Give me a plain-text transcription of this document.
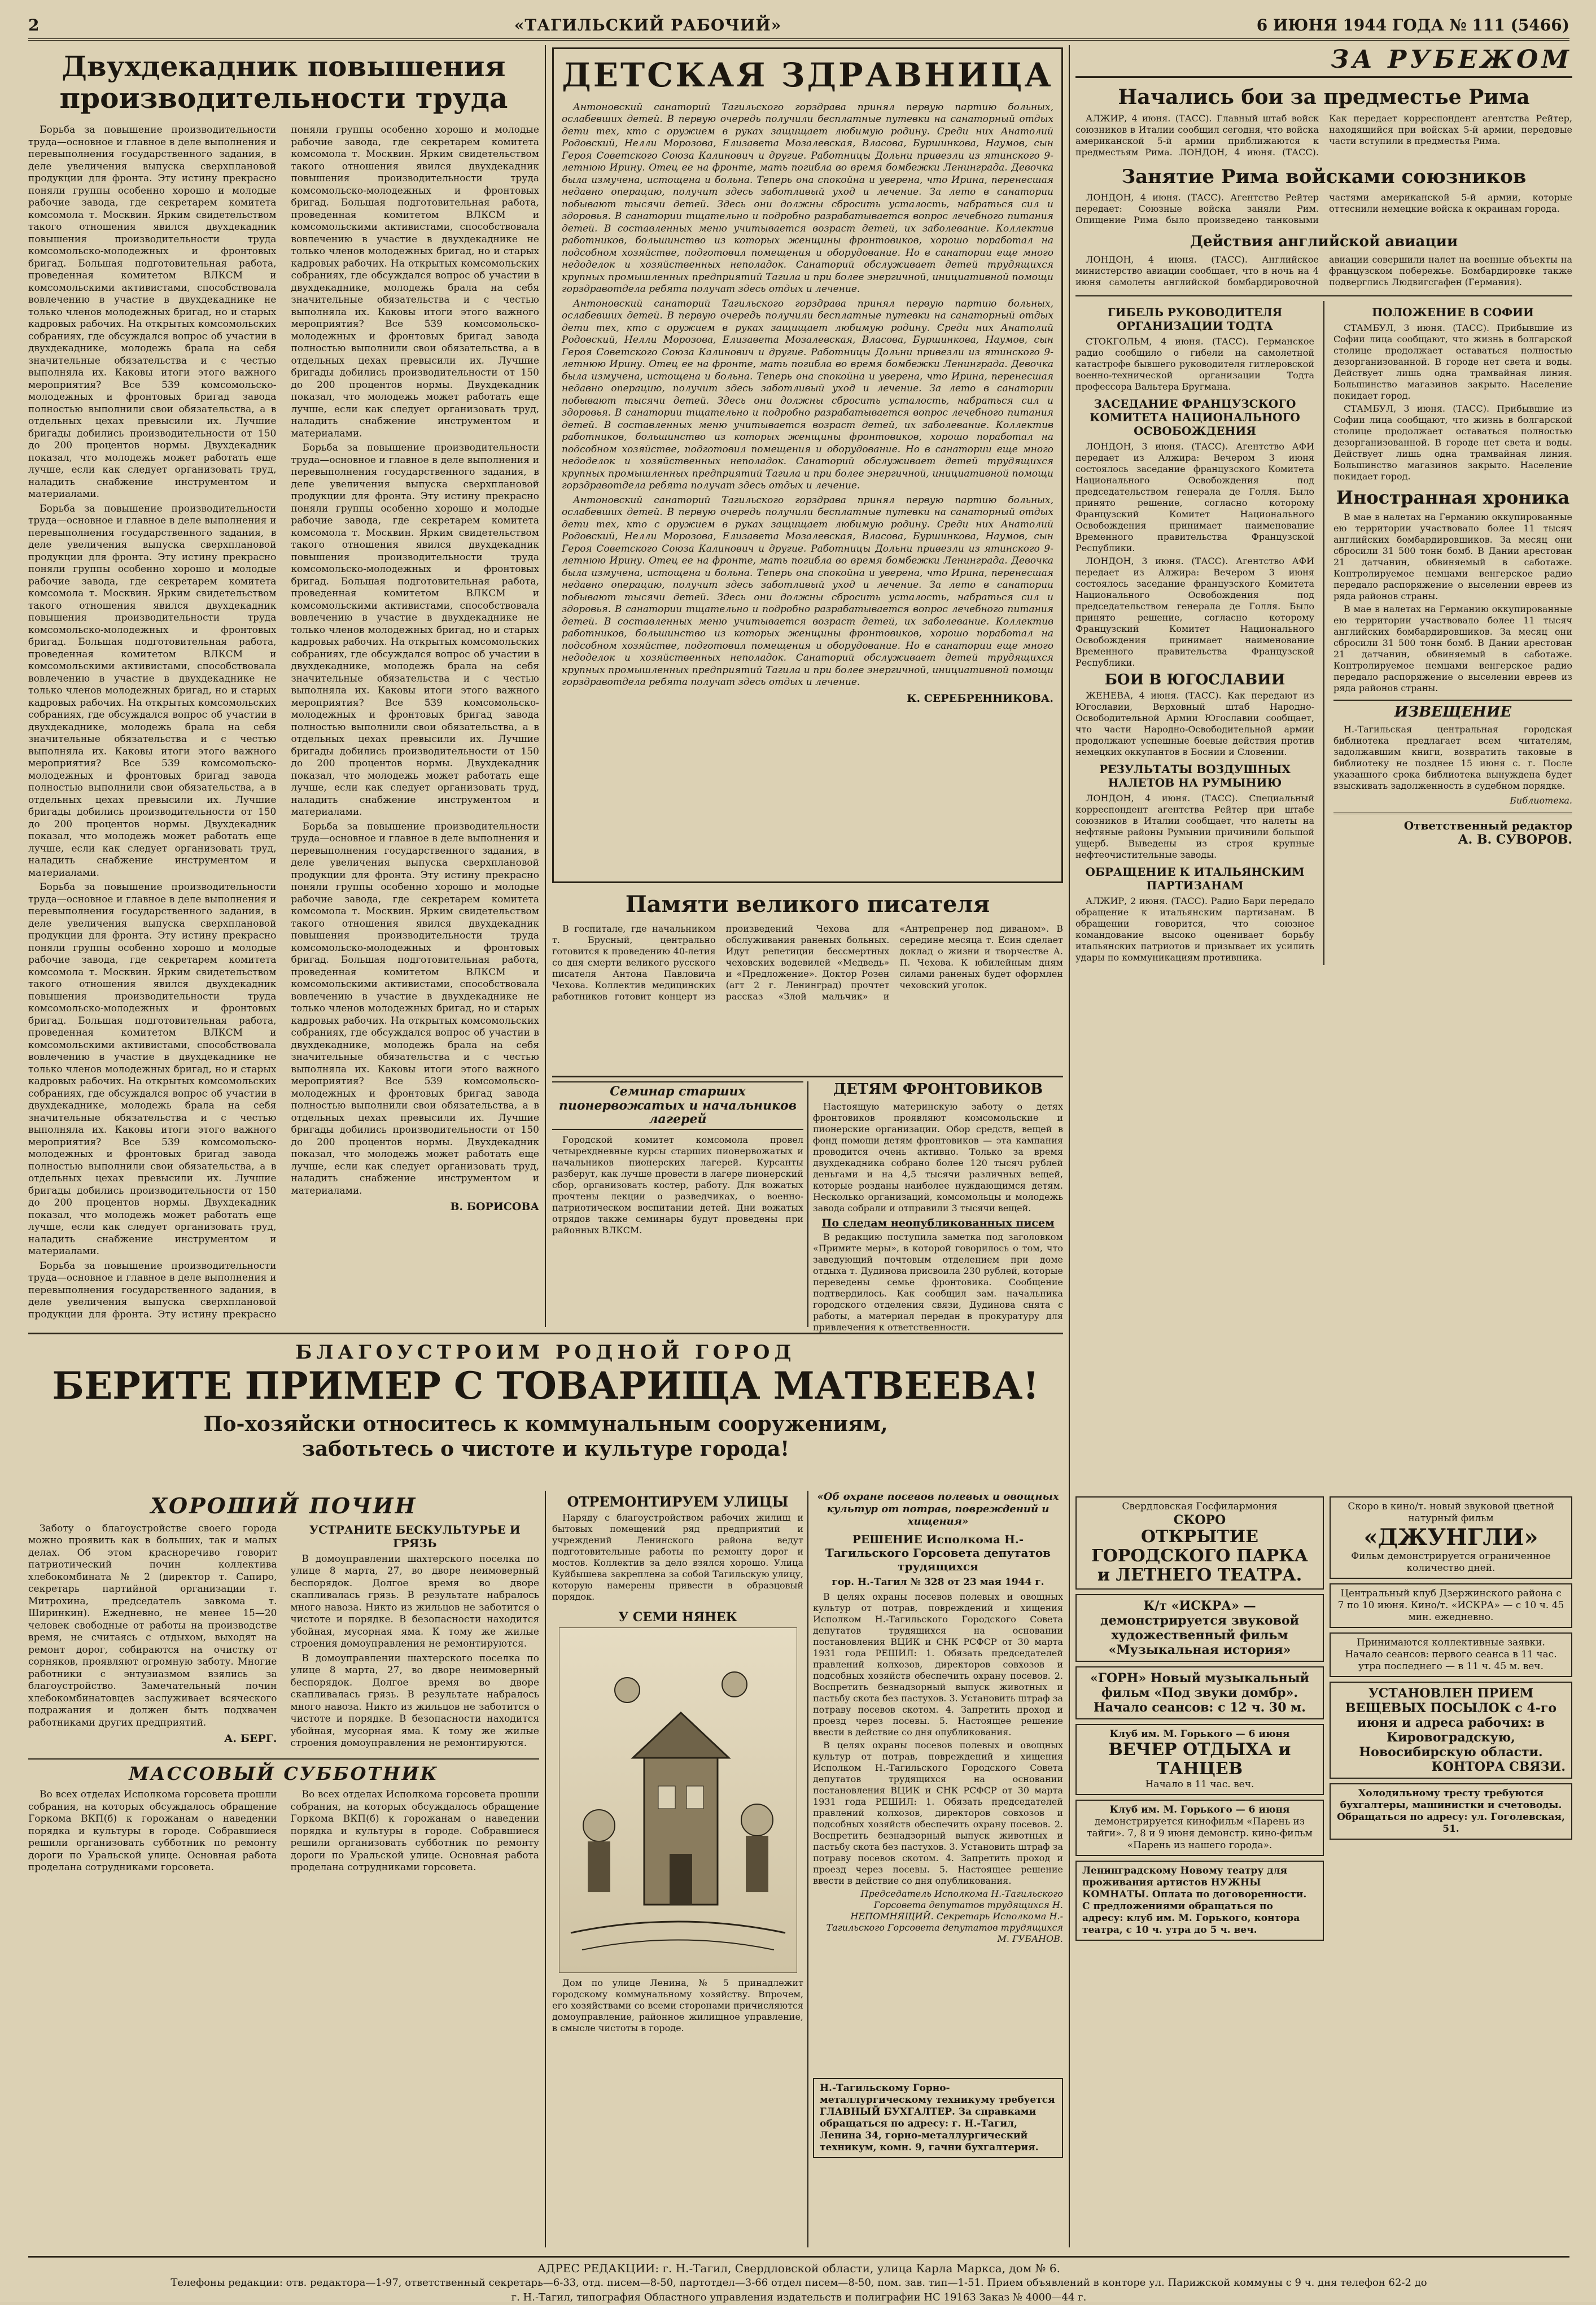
2	«ТАГИЛЬСКИЙ РАБОЧИЙ»	6 ИЮНЯ 1944 ГОДА № 111 (5466)
Двухдекадник повышения производительности труда

Борьба за повышение производительности труда—основное и главное в деле выполнения и перевыполнения государственного задания, в деле увеличения выпуска сверхплановой продукции для фронта. Эту истину прекрасно поняли группы особенно хорошо и молодые рабочие завода, где секретарем комитета комсомола т. Москвин. Ярким свидетельством такого отношения явился двухдекадник повышения производительности труда комсомольско-молодежных и фронтовых бригад. Большая подготовительная работа, проведенная комитетом ВЛКСМ и комсомольскими активистами, способствовала вовлечению в участие в двухдекаднике не только членов молодежных бригад, но и старых кадровых рабочих. На открытых комсомольских собраниях, где обсуждался вопрос об участии в двухдекаднике, молодежь брала на себя значительные обязательства и с честью выполняла их. Каковы итоги этого важного мероприятия? Все 539 комсомольско-молодежных и фронтовых бригад завода полностью выполнили свои обязательства, а в отдельных цехах превысили их. Лучшие бригады добились производительности от 150 до 200 процентов нормы. Двухдекадник показал, что молодежь может работать еще лучше, если как следует организовать труд, наладить снабжение инструментом и материалами.

Борьба за повышение производительности труда—основное и главное в деле выполнения и перевыполнения государственного задания, в деле увеличения выпуска сверхплановой продукции для фронта. Эту истину прекрасно поняли группы особенно хорошо и молодые рабочие завода, где секретарем комитета комсомола т. Москвин. Ярким свидетельством такого отношения явился двухдекадник повышения производительности труда комсомольско-молодежных и фронтовых бригад. Большая подготовительная работа, проведенная комитетом ВЛКСМ и комсомольскими активистами, способствовала вовлечению в участие в двухдекаднике не только членов молодежных бригад, но и старых кадровых рабочих. На открытых комсомольских собраниях, где обсуждался вопрос об участии в двухдекаднике, молодежь брала на себя значительные обязательства и с честью выполняла их. Каковы итоги этого важного мероприятия? Все 539 комсомольско-молодежных и фронтовых бригад завода полностью выполнили свои обязательства, а в отдельных цехах превысили их. Лучшие бригады добились производительности от 150 до 200 процентов нормы. Двухдекадник показал, что молодежь может работать еще лучше, если как следует организовать труд, наладить снабжение инструментом и материалами.

Борьба за повышение производительности труда—основное и главное в деле выполнения и перевыполнения государственного задания, в деле увеличения выпуска сверхплановой продукции для фронта. Эту истину прекрасно поняли группы особенно хорошо и молодые рабочие завода, где секретарем комитета комсомола т. Москвин. Ярким свидетельством такого отношения явился двухдекадник повышения производительности труда комсомольско-молодежных и фронтовых бригад. Большая подготовительная работа, проведенная комитетом ВЛКСМ и комсомольскими активистами, способствовала вовлечению в участие в двухдекаднике не только членов молодежных бригад, но и старых кадровых рабочих. На открытых комсомольских собраниях, где обсуждался вопрос об участии в двухдекаднике, молодежь брала на себя значительные обязательства и с честью выполняла их. Каковы итоги этого важного мероприятия? Все 539 комсомольско-молодежных и фронтовых бригад завода полностью выполнили свои обязательства, а в отдельных цехах превысили их. Лучшие бригады добились производительности от 150 до 200 процентов нормы. Двухдекадник показал, что молодежь может работать еще лучше, если как следует организовать труд, наладить снабжение инструментом и материалами.

Борьба за повышение производительности труда—основное и главное в деле выполнения и перевыполнения государственного задания, в деле увеличения выпуска сверхплановой продукции для фронта. Эту истину прекрасно поняли группы особенно хорошо и молодые рабочие завода, где секретарем комитета комсомола т. Москвин. Ярким свидетельством такого отношения явился двухдекадник повышения производительности труда комсомольско-молодежных и фронтовых бригад. Большая подготовительная работа, проведенная комитетом ВЛКСМ и комсомольскими активистами, способствовала вовлечению в участие в двухдекаднике не только членов молодежных бригад, но и старых кадровых рабочих. На открытых комсомольских собраниях, где обсуждался вопрос об участии в двухдекаднике, молодежь брала на себя значительные обязательства и с честью выполняла их. Каковы итоги этого важного мероприятия? Все 539 комсомольско-молодежных и фронтовых бригад завода полностью выполнили свои обязательства, а в отдельных цехах превысили их. Лучшие бригады добились производительности от 150 до 200 процентов нормы. Двухдекадник показал, что молодежь может работать еще лучше, если как следует организовать труд, наладить снабжение инструментом и материалами.

Борьба за повышение производительности труда—основное и главное в деле выполнения и перевыполнения государственного задания, в деле увеличения выпуска сверхплановой продукции для фронта. Эту истину прекрасно поняли группы особенно хорошо и молодые рабочие завода, где секретарем комитета комсомола т. Москвин. Ярким свидетельством такого отношения явился двухдекадник повышения производительности труда комсомольско-молодежных и фронтовых бригад. Большая подготовительная работа, проведенная комитетом ВЛКСМ и комсомольскими активистами, способствовала вовлечению в участие в двухдекаднике не только членов молодежных бригад, но и старых кадровых рабочих. На открытых комсомольских собраниях, где обсуждался вопрос об участии в двухдекаднике, молодежь брала на себя значительные обязательства и с честью выполняла их. Каковы итоги этого важного мероприятия? Все 539 комсомольско-молодежных и фронтовых бригад завода полностью выполнили свои обязательства, а в отдельных цехах превысили их. Лучшие бригады добились производительности от 150 до 200 процентов нормы. Двухдекадник показал, что молодежь может работать еще лучше, если как следует организовать труд, наладить снабжение инструментом и материалами.

Борьба за повышение производительности труда—основное и главное в деле выполнения и перевыполнения государственного задания, в деле увеличения выпуска сверхплановой продукции для фронта. Эту истину прекрасно поняли группы особенно хорошо и молодые рабочие завода, где секретарем комитета комсомола т. Москвин. Ярким свидетельством такого отношения явился двухдекадник повышения производительности труда комсомольско-молодежных и фронтовых бригад. Большая подготовительная работа, проведенная комитетом ВЛКСМ и комсомольскими активистами, способствовала вовлечению в участие в двухдекаднике не только членов молодежных бригад, но и старых кадровых рабочих. На открытых комсомольских собраниях, где обсуждался вопрос об участии в двухдекаднике, молодежь брала на себя значительные обязательства и с честью выполняла их. Каковы итоги этого важного мероприятия? Все 539 комсомольско-молодежных и фронтовых бригад завода полностью выполнили свои обязательства, а в отдельных цехах превысили их. Лучшие бригады добились производительности от 150 до 200 процентов нормы. Двухдекадник показал, что молодежь может работать еще лучше, если как следует организовать труд, наладить снабжение инструментом и материалами.

В. БОРИСОВА
ДЕТСКАЯ ЗДРАВНИЦА

Антоновский санаторий Тагильского горздрава принял первую партию больных, ослабевших детей. В первую очередь получили бесплатные путевки на санаторный отдых дети тех, кто с оружием в руках защищает любимую родину. Среди них Анатолий Родовский, Нелли Морозова, Елизавета Мозалевская, Власова, Буршинкова, Наумов, сын Героя Советского Союза Калинович и другие. Работницы Дольни привезли из ятинского 9-летнюю Ирину. Отец ее на фронте, мать погибла во время бомбежки Ленинграда. Девочка была измучена, истощена и больна. Теперь она спокойна и уверена, что Ирина, перенесшая недавно операцию, получит здесь заботливый уход и лечение. За лето в санатории побывают тысячи детей. Здесь они должны сбросить усталость, набраться сил и здоровья. В санатории тщательно и подробно разрабатывается вопрос лечебного питания детей. В составленных меню учитывается возраст детей, их заболевание. Коллектив работников, большинство из которых женщины фронтовиков, хорошо поработал на подсобном хозяйстве, подготовил помещения и оборудование. Но в санатории еще много недоделок и хозяйственных неполадок. Санаторий обслуживает детей трудящихся крупных промышленных предприятий Тагила и при более энергичной, инициативной помощи горздравотдела ребята получат здесь отдых и лечение.

Антоновский санаторий Тагильского горздрава принял первую партию больных, ослабевших детей. В первую очередь получили бесплатные путевки на санаторный отдых дети тех, кто с оружием в руках защищает любимую родину. Среди них Анатолий Родовский, Нелли Морозова, Елизавета Мозалевская, Власова, Буршинкова, Наумов, сын Героя Советского Союза Калинович и другие. Работницы Дольни привезли из ятинского 9-летнюю Ирину. Отец ее на фронте, мать погибла во время бомбежки Ленинграда. Девочка была измучена, истощена и больна. Теперь она спокойна и уверена, что Ирина, перенесшая недавно операцию, получит здесь заботливый уход и лечение. За лето в санатории побывают тысячи детей. Здесь они должны сбросить усталость, набраться сил и здоровья. В санатории тщательно и подробно разрабатывается вопрос лечебного питания детей. В составленных меню учитывается возраст детей, их заболевание. Коллектив работников, большинство из которых женщины фронтовиков, хорошо поработал на подсобном хозяйстве, подготовил помещения и оборудование. Но в санатории еще много недоделок и хозяйственных неполадок. Санаторий обслуживает детей трудящихся крупных промышленных предприятий Тагила и при более энергичной, инициативной помощи горздравотдела ребята получат здесь отдых и лечение.

Антоновский санаторий Тагильского горздрава принял первую партию больных, ослабевших детей. В первую очередь получили бесплатные путевки на санаторный отдых дети тех, кто с оружием в руках защищает любимую родину. Среди них Анатолий Родовский, Нелли Морозова, Елизавета Мозалевская, Власова, Буршинкова, Наумов, сын Героя Советского Союза Калинович и другие. Работницы Дольни привезли из ятинского 9-летнюю Ирину. Отец ее на фронте, мать погибла во время бомбежки Ленинграда. Девочка была измучена, истощена и больна. Теперь она спокойна и уверена, что Ирина, перенесшая недавно операцию, получит здесь заботливый уход и лечение. За лето в санатории побывают тысячи детей. Здесь они должны сбросить усталость, набраться сил и здоровья. В санатории тщательно и подробно разрабатывается вопрос лечебного питания детей. В составленных меню учитывается возраст детей, их заболевание. Коллектив работников, большинство из которых женщины фронтовиков, хорошо поработал на подсобном хозяйстве, подготовил помещения и оборудование. Но в санатории еще много недоделок и хозяйственных неполадок. Санаторий обслуживает детей трудящихся крупных промышленных предприятий Тагила и при более энергичной, инициативной помощи горздравотдела ребята получат здесь отдых и лечение.

К. СЕРЕБРЕННИКОВА.
Памяти великого писателя

В госпитале, где начальником т. Брусный, центрально готовится к проведению 40-летия со дня смерти великого русского писателя Антона Павловича Чехова. Коллектив медицинских работников готовит концерт из произведений Чехова для обслуживания раненых больных. Идут репетиции бессмертных чеховских водевилей «Медведь» и «Предложение». Доктор Розен (агт 2 г. Ленинград) прочтет рассказ «Злой мальчик» и «Антрепренер под диваном». В середине месяца т. Есин сделает доклад о жизни и творчестве А. П. Чехова. К юбилейным дням силами раненых будет оформлен чеховский уголок.

Семинар старших пионервожатых и начальников лагерей

Городской комитет комсомола провел четырехдневные курсы старших пионервожатых и начальников пионерских лагерей. Курсанты разберут, как лучше провести в лагере пионерский сбор, организовать костер, работу. Для вожатых прочтены лекции о разведчиках, о военно-патриотическом воспитании детей. Дни вожатых отрядов также семинары будут проведены при районных ВЛКСМ.

ДЕТЯМ ФРОНТОВИКОВ

Настоящую материнскую заботу о детях фронтовиков проявляют комсомольские и пионерские организации. Обор средств, вещей в фонд помощи детям фронтовиков — эта кампания проводится очень активно. Только за время двухдекадника собрано более 120 тысяч рублей деньгами и на 4,5 тысячи различных вещей, которые розданы наиболее нуждающимся детям. Несколько организаций, комсомольцы и молодежь завода собрали и отправили 3 тысячи вещей.

По следам неопубликованных писем

В редакцию поступила заметка под заголовком «Примите меры», в которой говорилось о том, что заведующий почтовым отделением при доме отдыха т. Дудинова присвоила 230 рублей, которые переведены семье фронтовика. Сообщение подтвердилось. Как сообщил зам. начальника городского отделения связи, Дудинова снята с работы, а материал передан в прокуратуру для привлечения к ответственности.

ЗА РУБЕЖОМ
Начались бои за предместье Рима

АЛЖИР, 4 июня. (ТАСС). Главный штаб войск союзников в Италии сообщил сегодня, что войска американской 5-й армии приближаются к предместьям Рима. ЛОНДОН, 4 июня. (ТАСС). Как передает корреспондент агентства Рейтер, находящийся при войсках 5-й армии, передовые части вступили в предместья Рима.

Занятие Рима войсками союзников

ЛОНДОН, 4 июня. (ТАСС). Агентство Рейтер передает: Союзные войска заняли Рим. Опищение Рима было произведено танковыми частями американской 5-й армии, которые оттеснили немецкие войска к окраинам города.

Действия английской авиации

ЛОНДОН, 4 июня. (ТАСС). Английское министерство авиации сообщает, что в ночь на 4 июня самолеты английской бомбардировочной авиации совершили налет на военные объекты на французском побережье. Бомбардировке также подверглись Людвигсгафен (Германия).

ГИБЕЛЬ РУКОВОДИТЕЛЯ ОРГАНИЗАЦИИ ТОДТА

СТОКГОЛЬМ, 4 июня. (ТАСС). Германское радио сообщило о гибели на самолетной катастрофе бывшего руководителя гитлеровской военно-технической организации Тодта профессора Вальтера Бругмана.

ЗАСЕДАНИЕ ФРАНЦУЗСКОГО КОМИТЕТА НАЦИОНАЛЬНОГО ОСВОБОЖДЕНИЯ

ЛОНДОН, 3 июня. (ТАСС). Агентство АФИ передает из Алжира: Вечером 3 июня состоялось заседание французского Комитета Национального Освобождения под председательством генерала де Голля. Было принято решение, согласно которому Французский Комитет Национального Освобождения принимает наименование Временного правительства Французской Республики.

ЛОНДОН, 3 июня. (ТАСС). Агентство АФИ передает из Алжира: Вечером 3 июня состоялось заседание французского Комитета Национального Освобождения под председательством генерала де Голля. Было принято решение, согласно которому Французский Комитет Национального Освобождения принимает наименование Временного правительства Французской Республики.

БОИ В ЮГОСЛАВИИ

ЖЕНЕВА, 4 июня. (ТАСС). Как передают из Югославии, Верховный штаб Народно-Освободительной Армии Югославии сообщает, что части Народно-Освободительной армии продолжают успешные боевые действия против немецких оккупантов в Боснии и Словении.

РЕЗУЛЬТАТЫ ВОЗДУШНЫХ НАЛЕТОВ НА РУМЫНИЮ

ЛОНДОН, 4 июня. (ТАСС). Специальный корреспондент агентства Рейтер при штабе союзников в Италии сообщает, что налеты на нефтяные районы Румынии причинили большой ущерб. Выведены из строя крупные нефтеочистительные заводы.

ОБРАЩЕНИЕ К ИТАЛЬЯНСКИМ ПАРТИЗАНАМ

АЛЖИР, 2 июня. (ТАСС). Радио Бари передало обращение к итальянским партизанам. В обращении говорится, что союзное командование высоко оценивает борьбу итальянских патриотов и призывает их усилить удары по коммуникациям противника.

ПОЛОЖЕНИЕ В СОФИИ

СТАМБУЛ, 3 июня. (ТАСС). Прибывшие из Софии лица сообщают, что жизнь в болгарской столице продолжает оставаться полностью дезорганизованной. В городе нет света и воды. Действует лишь одна трамвайная линия. Большинство магазинов закрыто. Население покидает город.

СТАМБУЛ, 3 июня. (ТАСС). Прибывшие из Софии лица сообщают, что жизнь в болгарской столице продолжает оставаться полностью дезорганизованной. В городе нет света и воды. Действует лишь одна трамвайная линия. Большинство магазинов закрыто. Население покидает город.

Иностранная хроника

В мае в налетах на Германию оккупированные ею территории участвовало более 11 тысяч английских бомбардировщиков. За месяц они сбросили 31 500 тонн бомб. В Дании арестован 21 датчанин, обвиняемый в саботаже. Контролируемое немцами венгерское радио передало распоряжение о выселении евреев из ряда районов страны.

В мае в налетах на Германию оккупированные ею территории участвовало более 11 тысяч английских бомбардировщиков. За месяц они сбросили 31 500 тонн бомб. В Дании арестован 21 датчанин, обвиняемый в саботаже. Контролируемое немцами венгерское радио передало распоряжение о выселении евреев из ряда районов страны.

ИЗВЕЩЕНИЕ

Н.-Тагильская центральная городская библиотека предлагает всем читателям, задолжавшим книги, возвратить таковые в библиотеку не позднее 15 июня с. г. После указанного срока библиотека вынуждена будет взыскивать задолженность в судебном порядке.

Библиотека.
Ответственный редактор
А. В. СУВОРОВ.
БЛАГОУСТРОИМ РОДНОЙ ГОРОД
БЕРИТЕ ПРИМЕР С ТОВАРИЩА МАТВЕЕВА!
По-хозяйски относитесь к коммунальным сооружениям, заботьтесь о чистоте и культуре города!
ХОРОШИЙ ПОЧИН

Заботу о благоустройстве своего города можно проявить как в больших, так и малых делах. Об этом красноречиво говорит патриотический почин коллектива хлебокомбината № 2 (директор т. Сапиро, секретарь партийной организации т. Митрохина, председатель завкома т. Ширинкин). Ежедневно, не менее 15—20 человек свободные от работы на производстве время, не считаясь с отдыхом, выходят на ремонт дорог, собираются на очистку от сорняков, проявляют огромную заботу. Многие работники с энтузиазмом взялись за благоустройство. Замечательный почин хлебокомбинатовцев заслуживает всяческого подражания и должен быть подхвачен работниками других предприятий.

А. БЕРГ.
УСТРАНИТЕ БЕСКУЛЬТУРЬЕ И ГРЯЗЬ

В домоуправлении шахтерского поселка по улице 8 марта, 27, во дворе неимоверный беспорядок. Долгое время во дворе скапливалась грязь. В результате набралось много навоза. Никто из жильцов не заботится о чистоте и порядке. В безопасности находится убойная, мусорная яма. К тому же жилые строения домоуправления не ремонтируются.

В домоуправлении шахтерского поселка по улице 8 марта, 27, во дворе неимоверный беспорядок. Долгое время во дворе скапливалась грязь. В результате набралось много навоза. Никто из жильцов не заботится о чистоте и порядке. В безопасности находится убойная, мусорная яма. К тому же жилые строения домоуправления не ремонтируются.

МАССОВЫЙ СУББОТНИК

Во всех отделах Исполкома горсовета прошли собрания, на которых обсуждалось обращение Горкома ВКП(б) к горожанам о наведении порядка и культуры в городе. Собравшиеся решили организовать субботник по ремонту дороги по Уральской улице. Основная работа проделана сотрудниками горсовета.

Во всех отделах Исполкома горсовета прошли собрания, на которых обсуждалось обращение Горкома ВКП(б) к горожанам о наведении порядка и культуры в городе. Собравшиеся решили организовать субботник по ремонту дороги по Уральской улице. Основная работа проделана сотрудниками горсовета.

ОТРЕМОНТИРУЕМ УЛИЦЫ

Наряду с благоустройством рабочих жилищ и бытовых помещений ряд предприятий и учреждений Ленинского района ведут подготовительные работы по ремонту дорог и мостов. Коллектив за дело взялся хорошо. Улица Куйбышева закреплена за собой Тагильскую улицу, которую намерены привести в образцовый порядок.

У СЕМИ НЯНЕК

Дом по улице Ленина, № 5 принадлежит городскому коммунальному хозяйству. Впрочем, его хозяйствами со всеми сторонами причисляются домоуправление, районное жилищное управление, в смысле чистоты в городе.

«Об охране посевов полевых и овощных культур от потрав, повреждений и хищения»
РЕШЕНИЕ Исполкома Н.-Тагильского Горсовета депутатов трудящихся
гор. Н.-Тагил № 328 от 23 мая 1944 г.

В целях охраны посевов полевых и овощных культур от потрав, повреждений и хищения Исполком Н.-Тагильского Городского Совета депутатов трудящихся на основании постановления ВЦИК и СНК РСФСР от 30 марта 1931 года РЕШИЛ: 1. Обязать председателей правлений колхозов, директоров совхозов и подсобных хозяйств обеспечить охрану посевов. 2. Воспретить безнадзорный выпуск животных и пастьбу скота без пастухов. 3. Установить штраф за потраву посевов скотом. 4. Запретить проход и проезд через посевы. 5. Настоящее решение ввести в действие со дня опубликования.

В целях охраны посевов полевых и овощных культур от потрав, повреждений и хищения Исполком Н.-Тагильского Городского Совета депутатов трудящихся на основании постановления ВЦИК и СНК РСФСР от 30 марта 1931 года РЕШИЛ: 1. Обязать председателей правлений колхозов, директоров совхозов и подсобных хозяйств обеспечить охрану посевов. 2. Воспретить безнадзорный выпуск животных и пастьбу скота без пастухов. 3. Установить штраф за потраву посевов скотом. 4. Запретить проход и проезд через посевы. 5. Настоящее решение ввести в действие со дня опубликования.

Председатель Исполкома Н.-Тагильского Горсовета депутатов трудящихся Н. НЕПОМНЯЩИЙ. Секретарь Исполкома Н.-Тагильского Горсовета депутатов трудящихся М. ГУБАНОВ.

Н.-Тагильскому Горно-металлургическому техникуму требуется ГЛАВНЫЙ БУХГАЛТЕР. За справками обращаться по адресу: г. Н.-Тагил, Ленина 34, горно-металлургический техникум, комн. 9, гачни бухгалтерия.
Свердловская Госфилармония
СКОРО
ОТКРЫТИЕ ГОРОДСКОГО ПАРКА и ЛЕТНЕГО ТЕАТРА.
К/т «ИСКРА» — демонстрируется звуковой художественный фильм «Музыкальная история»
«ГОРН» Новый музыкальный фильм «Под звуки домбр». Начало сеансов: с 12 ч. 30 м.
Клуб им. М. Горького — 6 июня
ВЕЧЕР ОТДЫХА и ТАНЦЕВ
Начало в 11 час. веч.
Клуб им. М. Горького — 6 июня
демонстрируется кинофильм «Парень из тайги». 7, 8 и 9 июня демонстр. кино-фильм «Парень из нашего города».
Ленинградскому Новому театру для проживания артистов НУЖНЫ КОМНАТЫ. Оплата по договоренности. С предложениями обращаться по адресу: клуб им. М. Горького, контора театра, с 10 ч. утра до 5 ч. веч.
Скоро в кино/т. новый звуковой цветной натурный фильм
«ДЖУНГЛИ»
Фильм демонстрируется ограниченное количество дней.
Центральный клуб Дзержинского района с 7 по 10 июня. Кино/т. «ИСКРА» — с 10 ч. 45 мин. ежедневно.
Принимаются коллективные заявки. Начало сеансов: первого сеанса в 11 час. утра последнего — в 11 ч. 45 м. веч.
УСТАНОВЛЕН ПРИЕМ ВЕЩЕВЫХ ПОСЫЛОК с 4-го июня и адреса рабочих: в Кировоградскую, Новосибирскую области.
КОНТОРА СВЯЗИ.
Холодильному тресту требуются бухгалтеры, машинистки и счетоводы. Обращаться по адресу: ул. Гоголевская, 51.
АДРЕС РЕДАКЦИИ: г. Н.-Тагил, Свердловской области, улица Карла Маркса, дом № 6.
Телефоны редакции: отв. редактора—1-97, ответственный секретарь—6-33, отд. писем—8-50, партотдел—3-66 отдел писем—8-50, пом. зав. тип—1-51. Прием объявлений в конторе ул. Парижской коммуны с 9 ч. дня телефон 62-2 до
г. Н.-Тагил, типография Областного управления издательств и полиграфии НС 19163 Заказ № 4000—44 г.
